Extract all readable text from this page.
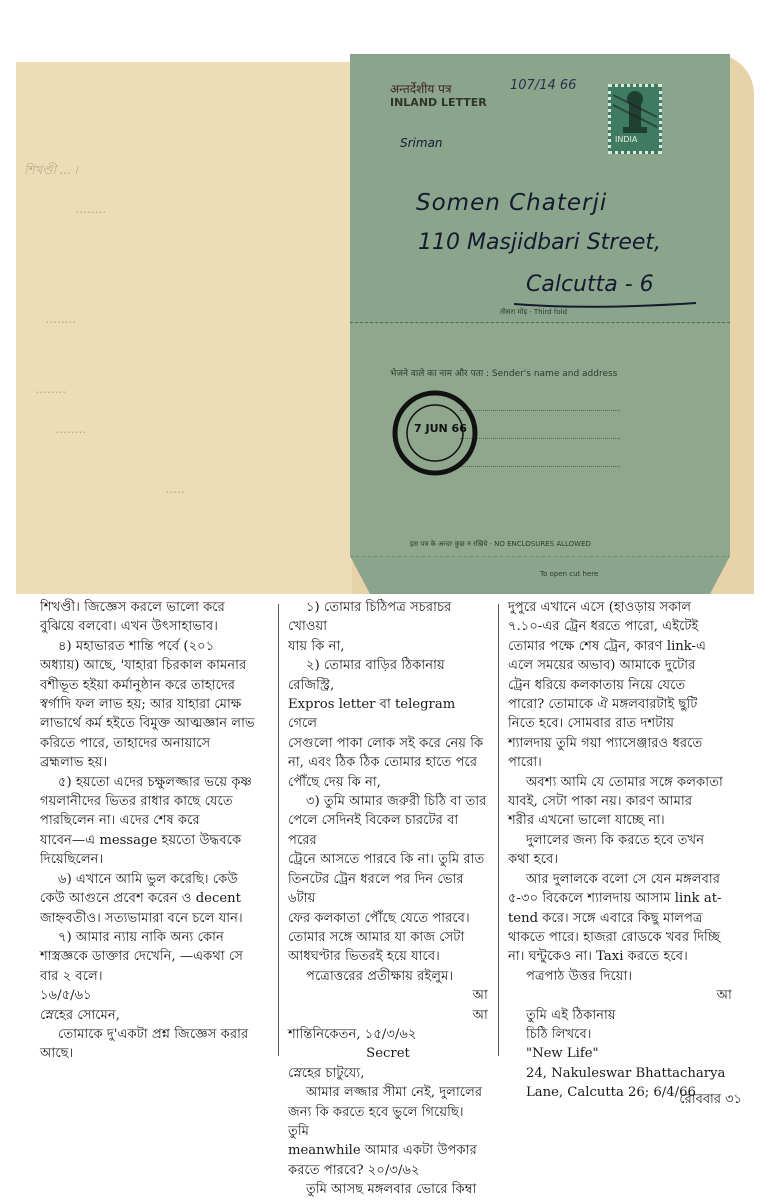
শিখণ্ডী ... ৷
........
........
........
........
.....
अन्तर्देशीय पत्र
INLAND LETTER
107/14 66
INDIA
Sriman
Somen Chaterji
110 Masjidbari Street,
Calcutta - 6
तीसरा मोड़ · Third fold
भेजने वाले का नाम और पता : Sender's name and address
7 JUN 66
इस पत्र के अन्दर कुछ न रखिये · NO ENCLOSURES ALLOWED
To open cut here

শিখণ্ডী। জিজ্ঞেস করলে ভালো করে

বুঝিয়ে বলবো। এখন উৎসাহাভাব।

৪) মহাভারত শান্তি পর্বে (২০১

অধ্যায়) আছে, 'যাহারা চিরকাল কামনার

বশীভূত হইয়া কর্মানুষ্ঠান করে তাহাদের

স্বর্গাদি ফল লাভ হয়; আর যাহারা মোক্ষ

লাভার্থে কর্ম হইতে বিমুক্ত আত্মজ্ঞান লাভ

করিতে পারে, তাহাদের অনায়াসে

ব্রহ্মলাভ হয়।

৫) হয়তো এদের চক্ষুলজ্জার ভয়ে কৃষ্ণ

গয়লানীদের ভিতর রাধার কাছে যেতে

পারছিলেন না। এদের শেষ করে

যাবেন—এ message হয়তো উদ্ধবকে

দিয়েছিলেন।

৬) এখানে আমি ভুল করেছি। কেউ

কেউ আগুনে প্রবেশ করেন ও decent

জাহ্নবতীও। সত্যভামারা বনে চলে যান।

৭) আমার ন্যায় নাকি অন্য কোন

শাস্ত্রজ্ঞকে ডাক্তার দেখেনি, —একথা সে

বার ২ বলে।

১৬/৫/৬১

স্নেহের সোমেন,

তোমাকে দু'একটা প্রশ্ন জিজ্ঞেস করার

আছে।

১) তোমার চিঠিপত্র সচরাচর খোওয়া

যায় কি না,

২) তোমার বাড়ির ঠিকানায় রেজিস্ট্রি,

Expros letter বা telegram গেলে

সেগুলো পাকা লোক সই করে নেয় কি

না, এবং ঠিক ঠিক তোমার হাতে পরে

পৌঁছে দেয় কি না,

৩) তুমি আমার জরুরী চিঠি বা তার

পেলে সেদিনই বিকেল চারটের বা পরের

ট্রেনে আসতে পারবে কি না। তুমি রাত

তিনটের ট্রেন ধরলে পর দিন ভোর ৬টায়

ফের কলকাতা পৌঁছে যেতে পারবে।

তোমার সঙ্গে আমার যা কাজ সেটা

আধঘণ্টার ভিতরই হয়ে যাবে।

পত্রোত্তরের প্রতীক্ষায় রইলুম।

আ

আ

শান্তিনিকেতন, ১৫/৩/৬২

Secret

স্নেহের চাটুয্যে,

আমার লজ্জার সীমা নেই, দুলালের

জন্য কি করতে হবে ভুলে গিয়েছি। তুমি

meanwhile আমার একটা উপকার

করতে পারবে? ২০/৩/৬২

তুমি আসছ মঙ্গলবার ভোরে কিম্বা

দুপুরে এখানে এসে (হাওড়ায় সকাল

৭.১০-এর ট্রেন ধরতে পারো, এইটেই

তোমার পক্ষে শেষ ট্রেন, কারণ link-এ

এলে সময়ের অভাব) আমাকে দুটোর

ট্রেন ধরিয়ে কলকাতায় নিয়ে যেতে

পারো? তোমাকে ঐ মঙ্গলবারটাই ছুটি

নিতে হবে। সোমবার রাত দশটায়

শ্যালদায় তুমি গয়া প্যাসেঞ্জারও ধরতে

পারো।

অবশ্য আমি যে তোমার সঙ্গে কলকাতা

যাবই, সেটা পাকা নয়। কারণ আমার

শরীর এখনো ভালো যাচ্ছে না।

দুলালের জন্য কি করতে হবে তখন

কথা হবে।

আর দুলালকে বলো সে যেন মঙ্গলবার

৫-৩০ বিকেলে শ্যালদায় আসাম link at-

tend করে। সঙ্গে এবারে কিছু মালপত্র

থাকতে পারে। হাজরা রোডকে খবর দিচ্ছি

না। ঘন্টুকেও না। Taxi করতে হবে।

পত্রপাঠ উত্তর দিয়ো।

আ

তুমি এই ঠিকানায়

চিঠি লিখবে।

"New Life"

24, Nakuleswar Bhattacharya

Lane, Calcutta 26; 6/4/66

রোববার ৩১
